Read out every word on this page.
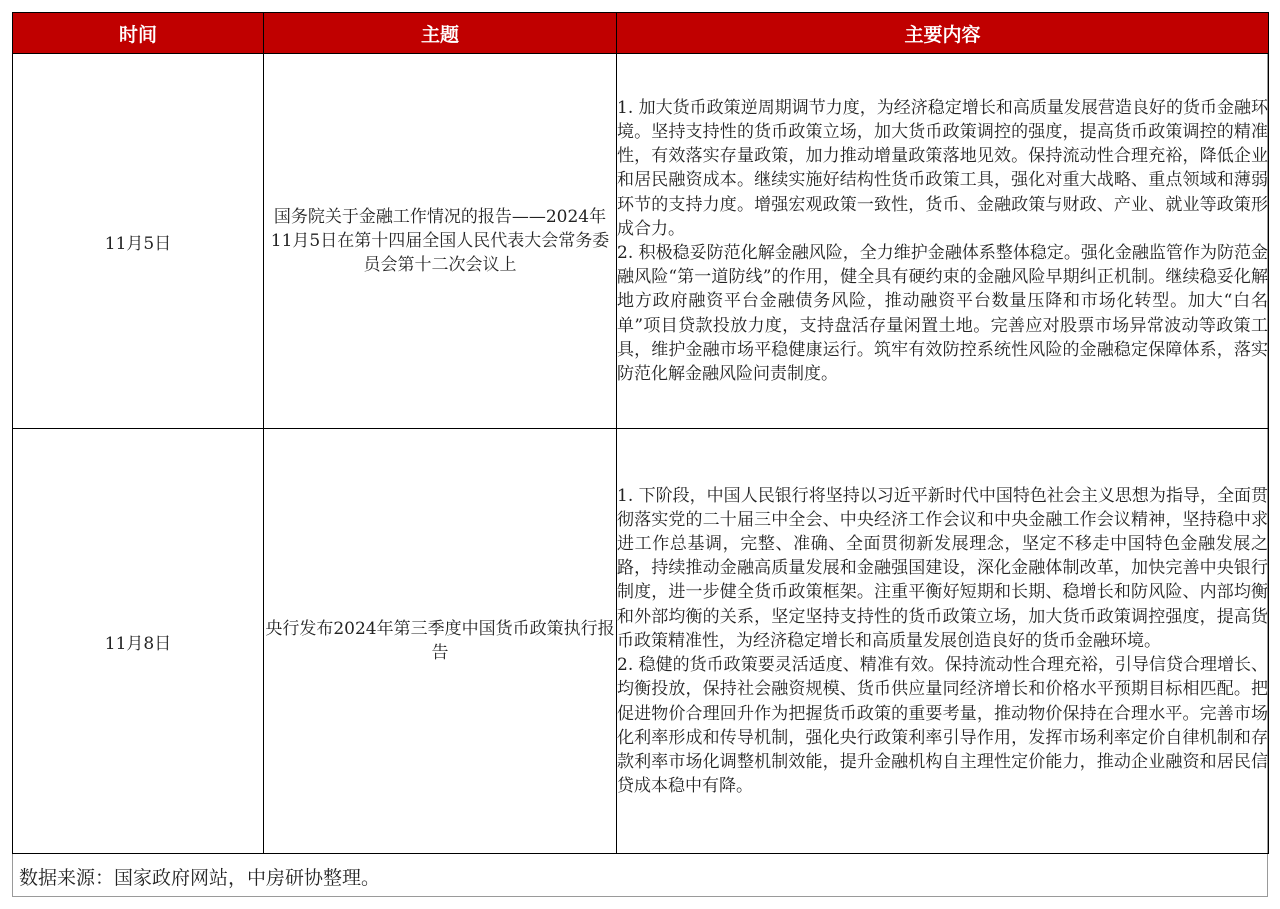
时间	主题	主要内容
11月5日	国务院关于金融工作情况的报告——2024年11月5日在第十四届全国人民代表大会常务委员会第十二次会议上	1. 加大货币政策逆周期调节力度，为经济稳定增长和高质量发展营造良好的货币金融环境。坚持支持性的货币政策立场，加大货币政策调控的强度，提高货币政策调控的精准性，有效落实存量政策，加力推动增量政策落地见效。保持流动性合理充裕，降低企业和居民融资成本。继续实施好结构性货币政策工具，强化对重大战略、重点领域和薄弱环节的支持力度。增强宏观政策一致性，货币、金融政策与财政、产业、就业等政策形成合力。
2. 积极稳妥防范化解金融风险，全力维护金融体系整体稳定。强化金融监管作为防范金融风险“第一道防线”的作用，健全具有硬约束的金融风险早期纠正机制。继续稳妥化解地方政府融资平台金融债务风险，推动融资平台数量压降和市场化转型。加大“白名单”项目贷款投放力度，支持盘活存量闲置土地。完善应对股票市场异常波动等政策工具，维护金融市场平稳健康运行。筑牢有效防控系统性风险的金融稳定保障体系，落实防范化解金融风险问责制度。

11月8日	央行发布2024年第三季度中国货币政策执行报告	1. 下阶段，中国人民银行将坚持以习近平新时代中国特色社会主义思想为指导，全面贯彻落实党的二十届三中全会、中央经济工作会议和中央金融工作会议精神，坚持稳中求进工作总基调，完整、准确、全面贯彻新发展理念，坚定不移走中国特色金融发展之路，持续推动金融高质量发展和金融强国建设，深化金融体制改革，加快完善中央银行制度，进一步健全货币政策框架。注重平衡好短期和长期、稳增长和防风险、内部均衡和外部均衡的关系，坚定坚持支持性的货币政策立场，加大货币政策调控强度，提高货币政策精准性，为经济稳定增长和高质量发展创造良好的货币金融环境。
2. 稳健的货币政策要灵活适度、精准有效。保持流动性合理充裕，引导信贷合理增长、均衡投放，保持社会融资规模、货币供应量同经济增长和价格水平预期目标相匹配。把促进物价合理回升作为把握货币政策的重要考量，推动物价保持在合理水平。完善市场化利率形成和传导机制，强化央行政策利率引导作用，发挥市场利率定价自律机制和存款利率市场化调整机制效能，提升金融机构自主理性定价能力，推动企业融资和居民信贷成本稳中有降。
数据来源：国家政府网站，中房研协整理。
